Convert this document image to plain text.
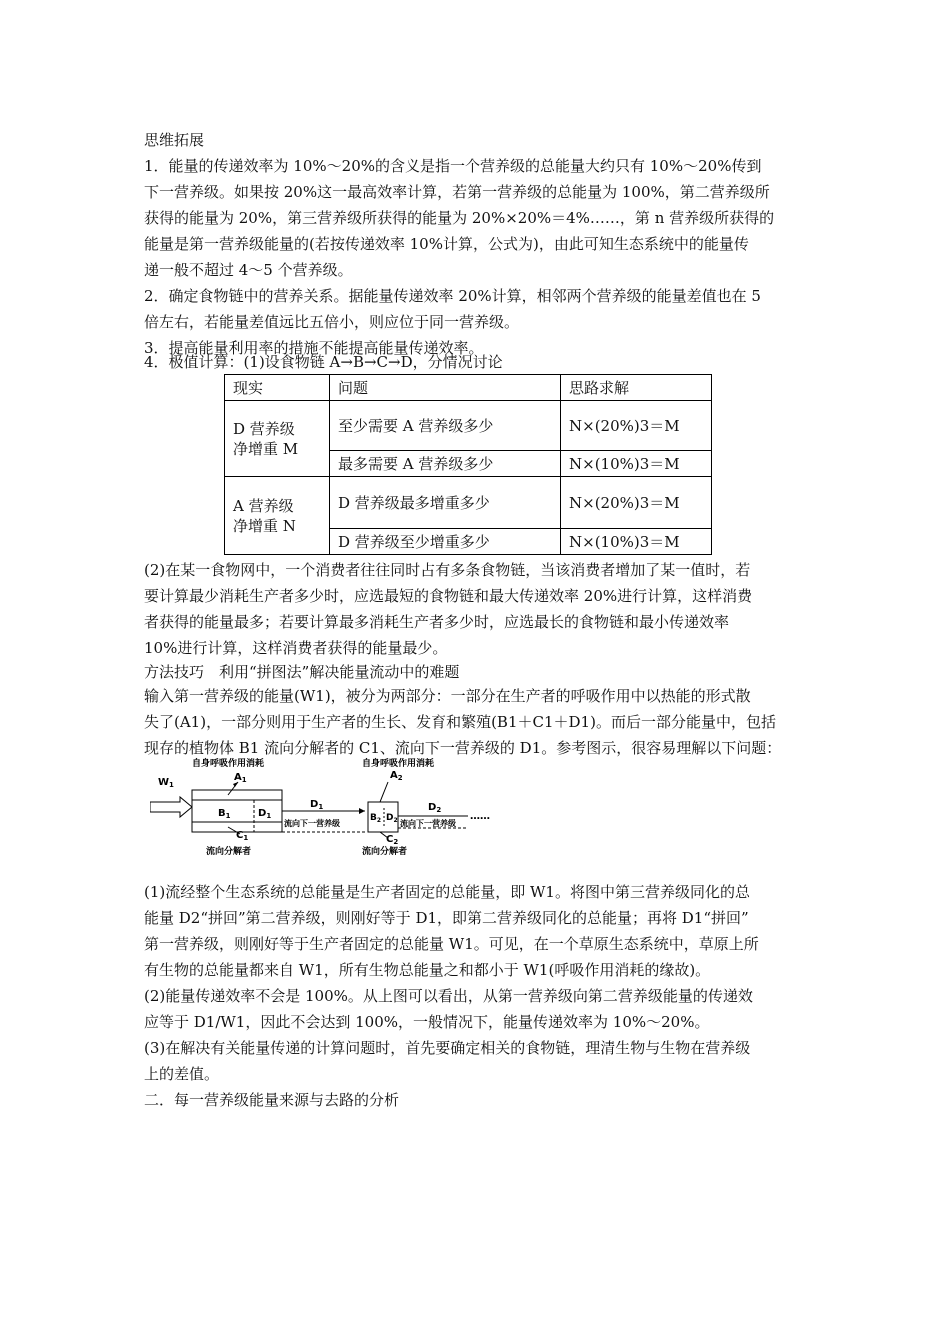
思维拓展
1．能量的传递效率为 10%～20%的含义是指一个营养级的总能量大约只有 10%～20%传到
下一营养级。如果按 20%这一最高效率计算，若第一营养级的总能量为 100%，第二营养级所
获得的能量为 20%，第三营养级所获得的能量为 20%×20%＝4%……，第 n 营养级所获得的
能量是第一营养级能量的(若按传递效率 10%计算，公式为)，由此可知生态系统中的能量传
递一般不超过 4～5 个营养级。
2．确定食物链中的营养关系。据能量传递效率 20%计算，相邻两个营养级的能量差值也在 5
倍左右，若能量差值远比五倍小，则应位于同一营养级。
3．提高能量利用率的措施不能提高能量传递效率。
4．极值计算：(1)设食物链 A→B→C→D，分情况讨论
现实	问题	思路求解

D 营养级
净增重 M	至少需要 A 营养级多少	N×(20%)3＝M
	最多需要 A 营养级多少	N×(10%)3＝M

A 营养级
净增重 N	D 营养级最多增重多少	N×(20%)3＝M
	D 营养级至少增重多少	N×(10%)3＝M
(2)在某一食物网中，一个消费者往往同时占有多条食物链，当该消费者增加了某一值时，若
要计算最少消耗生产者多少时，应选最短的食物链和最大传递效率 20%进行计算，这样消费
者获得的能量最多；若要计算最多消耗生产者多少时，应选最长的食物链和最小传递效率
10%进行计算，这样消费者获得的能量最少。
方法技巧　利用“拼图法”解决能量流动中的难题
输入第一营养级的能量(W1)，被分为两部分：一部分在生产者的呼吸作用中以热能的形式散
失了(A1)，一部分则用于生产者的生长、发育和繁殖(B1＋C1＋D1)。而后一部分能量中，包括
现存的植物体 B1 流向分解者的 C1、流向下一营养级的 D1。参考图示，很容易理解以下问题：
$W_1$
$B_1$	$D_1$
自身呼吸作用消耗
$A_1$
$C_1$
流向分解者
$D_1$
流向下一营养级
$B_2$ $D_2$
自身呼吸作用消耗
$A_2$
$C_2$
流向分解者
$D_2$
流向下一营养级
……
(1)流经整个生态系统的总能量是生产者固定的总能量，即 W1。将图中第三营养级同化的总
能量 D2“拼回”第二营养级，则刚好等于 D1，即第二营养级同化的总能量；再将 D1“拼回”
第一营养级，则刚好等于生产者固定的总能量 W1。可见，在一个草原生态系统中，草原上所
有生物的总能量都来自 W1，所有生物总能量之和都小于 W1(呼吸作用消耗的缘故)。
(2)能量传递效率不会是 100%。从上图可以看出，从第一营养级向第二营养级能量的传递效
应等于 D1/W1，因此不会达到 100%，一般情况下，能量传递效率为 10%～20%。
(3)在解决有关能量传递的计算问题时，首先要确定相关的食物链，理清生物与生物在营养级
上的差值。
二．每一营养级能量来源与去路的分析
